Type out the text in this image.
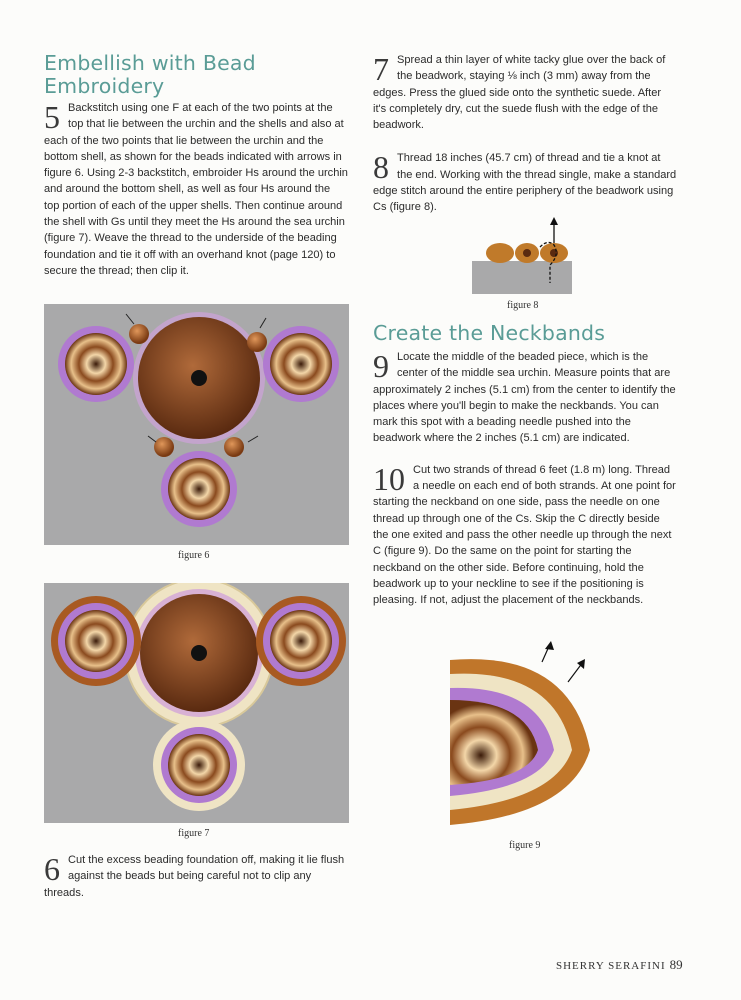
Embellish with Bead Embroidery

5 Backstitch using one F at each of the two points at the top that lie between the urchin and the shells and also at each of the two points that lie between the urchin and the bottom shell, as shown for the beads indicated with arrows in figure 6. Using 2-3 backstitch, embroider Hs around the urchin and around the bottom shell, as well as four Hs around the top portion of each of the upper shells. Then continue around the shell with Gs until they meet the Hs around the sea urchin (figure 7). Weave the thread to the underside of the beading foundation and tie it off with an overhand knot (page 120) to secure the thread; then clip it.

figure 6
figure 7

6 Cut the excess beading foundation off, making it lie flush against the beads but being careful not to clip any threads.

7 Spread a thin layer of white tacky glue over the back of the beadwork, staying ⅛ inch (3 mm) away from the edges. Press the glued side onto the synthetic suede. After it's completely dry, cut the suede flush with the edge of the beadwork.

8 Thread 18 inches (45.7 cm) of thread and tie a knot at the end. Working with the thread single, make a standard edge stitch around the entire periphery of the beadwork using Cs (figure 8).

figure 8
Create the Neckbands

9 Locate the middle of the beaded piece, which is the center of the middle sea urchin. Measure points that are approximately 2 inches (5.1 cm) from the center to identify the places where you'll begin to make the neckbands. You can mark this spot with a beading needle pushed into the beadwork where the 2 inches (5.1 cm) are indicated.

10 Cut two strands of thread 6 feet (1.8 m) long. Thread a needle on each end of both strands. At one point for starting the neckband on one side, pass the needle on one thread up through one of the Cs. Skip the C directly beside the one exited and pass the other needle up through the next C (figure 9). Do the same on the point for starting the neckband on the other side. Before continuing, hold the beadwork up to your neckline to see if the positioning is pleasing. If not, adjust the placement of the neckbands.

figure 9
SHERRY SERAFINI 89
